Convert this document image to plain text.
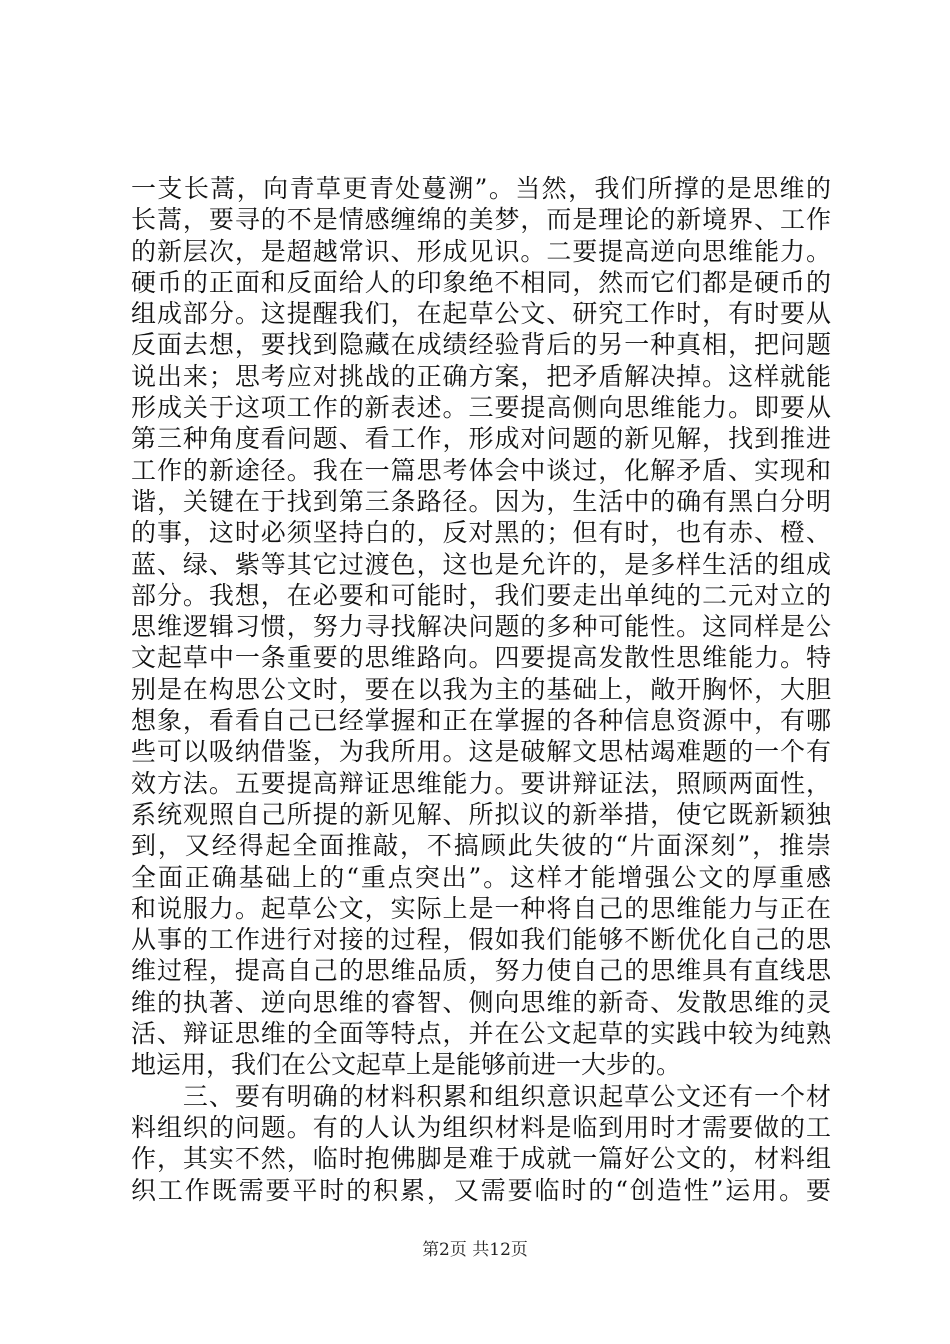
一支长蒿，向青草更青处蔓溯”。当然，我们所撑的是思维的
长蒿，要寻的不是情感缠绵的美梦，而是理论的新境界、工作
的新层次，是超越常识、形成见识。二要提高逆向思维能力。
硬币的正面和反面给人的印象绝不相同，然而它们都是硬币的
组成部分。这提醒我们，在起草公文、研究工作时，有时要从
反面去想，要找到隐藏在成绩经验背后的另一种真相，把问题
说出来；思考应对挑战的正确方案，把矛盾解决掉。这样就能
形成关于这项工作的新表述。三要提高侧向思维能力。即要从
第三种角度看问题、看工作，形成对问题的新见解，找到推进
工作的新途径。我在一篇思考体会中谈过，化解矛盾、实现和
谐，关键在于找到第三条路径。因为，生活中的确有黑白分明
的事，这时必须坚持白的，反对黑的；但有时，也有赤、橙、
蓝、绿、紫等其它过渡色，这也是允许的，是多样生活的组成
部分。我想，在必要和可能时，我们要走出单纯的二元对立的
思维逻辑习惯，努力寻找解决问题的多种可能性。这同样是公
文起草中一条重要的思维路向。四要提高发散性思维能力。特
别是在构思公文时，要在以我为主的基础上，敞开胸怀，大胆
想象，看看自己已经掌握和正在掌握的各种信息资源中，有哪
些可以吸纳借鉴，为我所用。这是破解文思枯竭难题的一个有
效方法。五要提高辩证思维能力。要讲辩证法，照顾两面性，
系统观照自己所提的新见解、所拟议的新举措，使它既新颖独
到，又经得起全面推敲，不搞顾此失彼的“片面深刻”，推崇
全面正确基础上的“重点突出”。这样才能增强公文的厚重感
和说服力。起草公文，实际上是一种将自己的思维能力与正在
从事的工作进行对接的过程，假如我们能够不断优化自己的思
维过程，提高自己的思维品质，努力使自己的思维具有直线思
维的执著、逆向思维的睿智、侧向思维的新奇、发散思维的灵
活、辩证思维的全面等特点，并在公文起草的实践中较为纯熟
地运用，我们在公文起草上是能够前进一大步的。
　　三、要有明确的材料积累和组织意识起草公文还有一个材
料组织的问题。有的人认为组织材料是临到用时才需要做的工
作，其实不然，临时抱佛脚是难于成就一篇好公文的，材料组
织工作既需要平时的积累，又需要临时的“创造性”运用。要
第2页 共12页
